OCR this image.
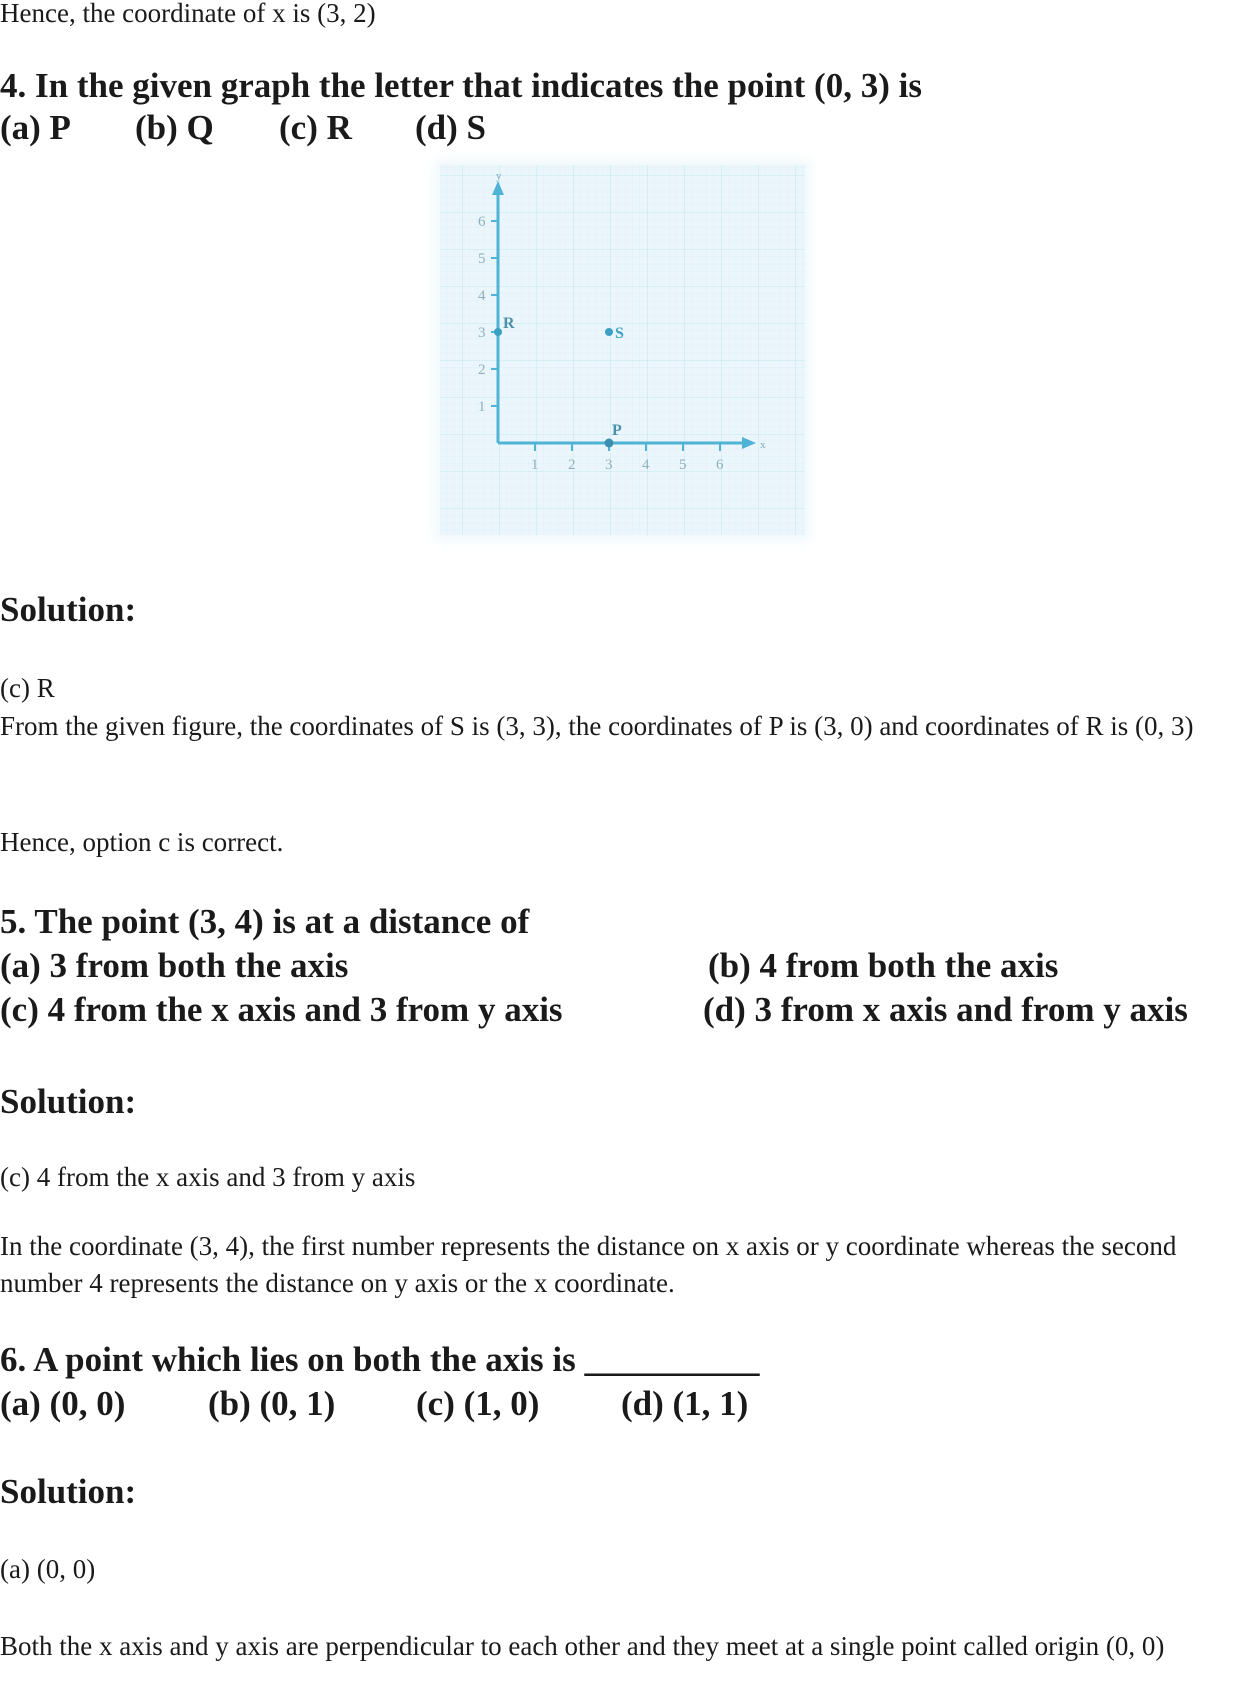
Hence, the coordinate of x is (3, 2)
4. In the given graph the letter that indicates the point (0, 3) is
(a) P	(b) Q	(c) R	(d) S
y
x
1
2
3
4
5
6
1 2 3 4 5 6
R
S
P
Solution:
(c) R
From the given figure, the coordinates of S is (3, 3), the coordinates of P is (3, 0) and coordinates of R is (0, 3)
Hence, option c is correct.
5. The point (3, 4) is at a distance of
(a) 3 from both the axis	(b) 4 from both the axis
(c) 4 from the x axis and 3 from y axis	(d) 3 from x axis and from y axis
Solution:
(c) 4 from the x axis and 3 from y axis
In the coordinate (3, 4), the first number represents the distance on x axis or y coordinate whereas the second number 4 represents the distance on y axis or the x coordinate.
6. A point which lies on both the axis is __________
(a) (0, 0)	(b) (0, 1)	(c) (1, 0)	(d) (1, 1)
Solution:
(a) (0, 0)
Both the x axis and y axis are perpendicular to each other and they meet at a single point called origin (0, 0)
